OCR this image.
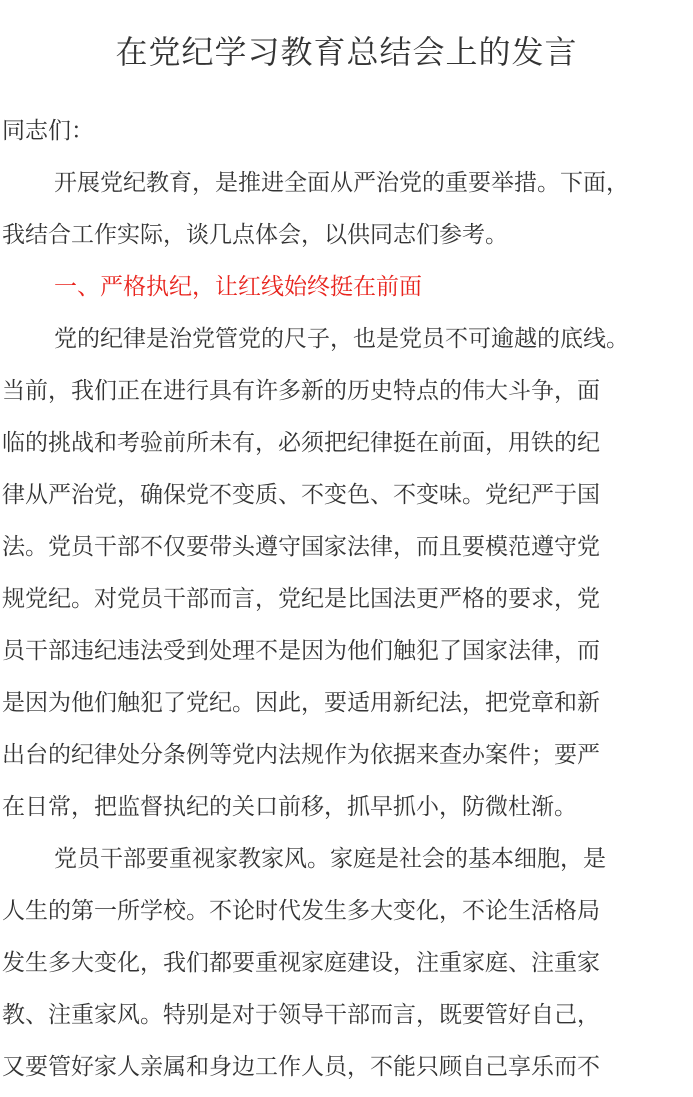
在党纪学习教育总结会上的发言
同志们：
开展党纪教育，是推进全面从严治党的重要举措。下面，
我结合工作实际，谈几点体会，以供同志们参考。
一、严格执纪，让红线始终挺在前面
党的纪律是治党管党的尺子，也是党员不可逾越的底线。
当前，我们正在进行具有许多新的历史特点的伟大斗争，面
临的挑战和考验前所未有，必须把纪律挺在前面，用铁的纪
律从严治党，确保党不变质、不变色、不变味。党纪严于国
法。党员干部不仅要带头遵守国家法律，而且要模范遵守党
规党纪。对党员干部而言，党纪是比国法更严格的要求，党
员干部违纪违法受到处理不是因为他们触犯了国家法律，而
是因为他们触犯了党纪。因此，要适用新纪法，把党章和新
出台的纪律处分条例等党内法规作为依据来查办案件；要严
在日常，把监督执纪的关口前移，抓早抓小，防微杜渐。
党员干部要重视家教家风。家庭是社会的基本细胞，是
人生的第一所学校。不论时代发生多大变化，不论生活格局
发生多大变化，我们都要重视家庭建设，注重家庭、注重家
教、注重家风。特别是对于领导干部而言，既要管好自己，
又要管好家人亲属和身边工作人员，不能只顾自己享乐而不
